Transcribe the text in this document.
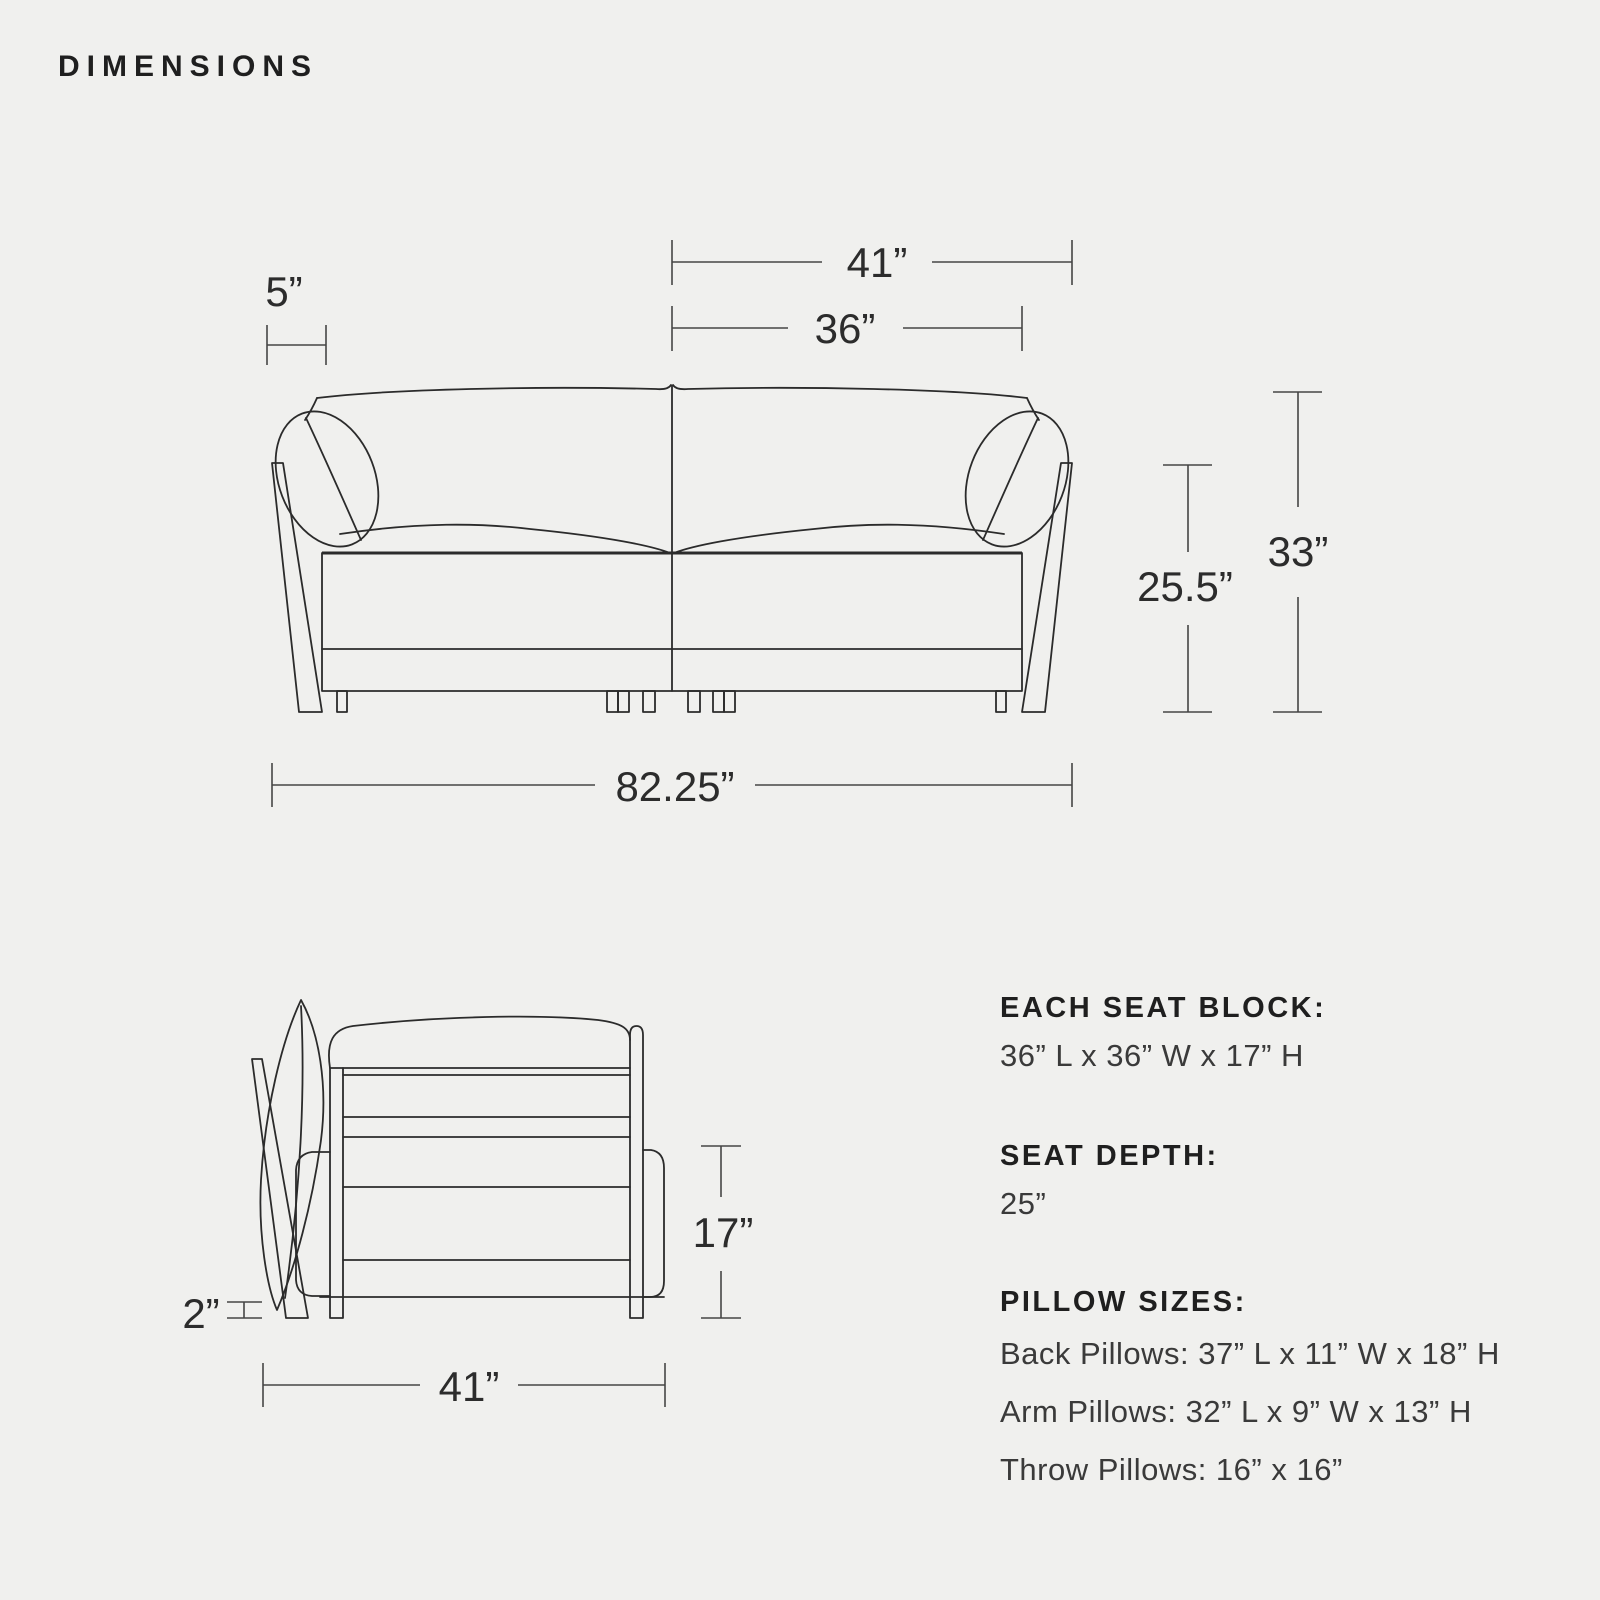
DIMENSIONS
41”
36”
5”
25.5”
33”
82.25”
2”
17”
41”
EACH SEAT BLOCK:
36” L x 36” W x 17” H
SEAT DEPTH:
25”
PILLOW SIZES:
Back Pillows: 37” L x 11” W x 18” H
Arm Pillows: 32” L x 9” W x 13” H
Throw Pillows: 16” x 16”
